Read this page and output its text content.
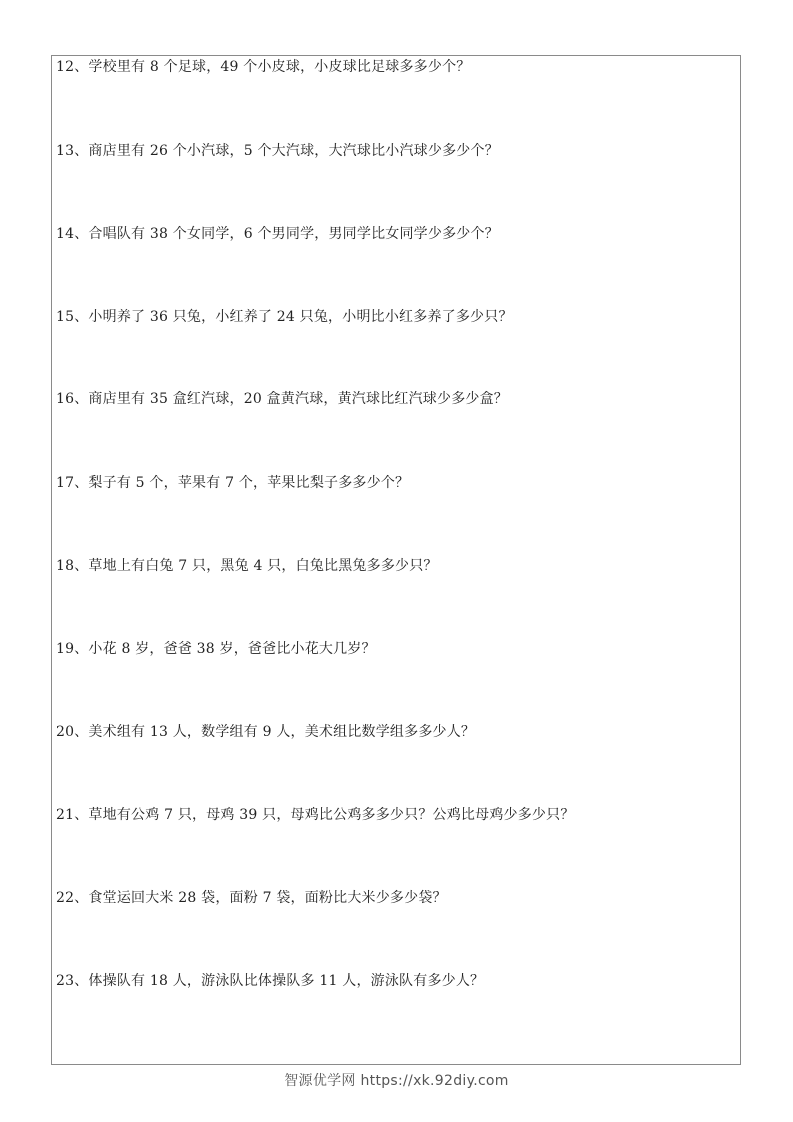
12、学校里有 8 个足球，49 个小皮球，小皮球比足球多多少个？
13、商店里有 26 个小汽球，5 个大汽球，大汽球比小汽球少多少个？
14、合唱队有 38 个女同学，6 个男同学，男同学比女同学少多少个？
15、小明养了 36 只兔，小红养了 24 只兔，小明比小红多养了多少只？
16、商店里有 35 盒红汽球，20 盒黄汽球，黄汽球比红汽球少多少盒？
17、梨子有 5 个，苹果有 7 个，苹果比梨子多多少个？
18、草地上有白兔 7 只，黑兔 4 只，白兔比黑兔多多少只？
19、小花 8 岁，爸爸 38 岁，爸爸比小花大几岁？
20、美术组有 13 人，数学组有 9 人，美术组比数学组多多少人？
21、草地有公鸡 7 只，母鸡 39 只，母鸡比公鸡多多少只？公鸡比母鸡少多少只？
22、食堂运回大米 28 袋，面粉 7 袋，面粉比大米少多少袋？
23、体操队有 18 人，游泳队比体操队多 11 人，游泳队有多少人？
智源优学网 https://xk.92diy.com
